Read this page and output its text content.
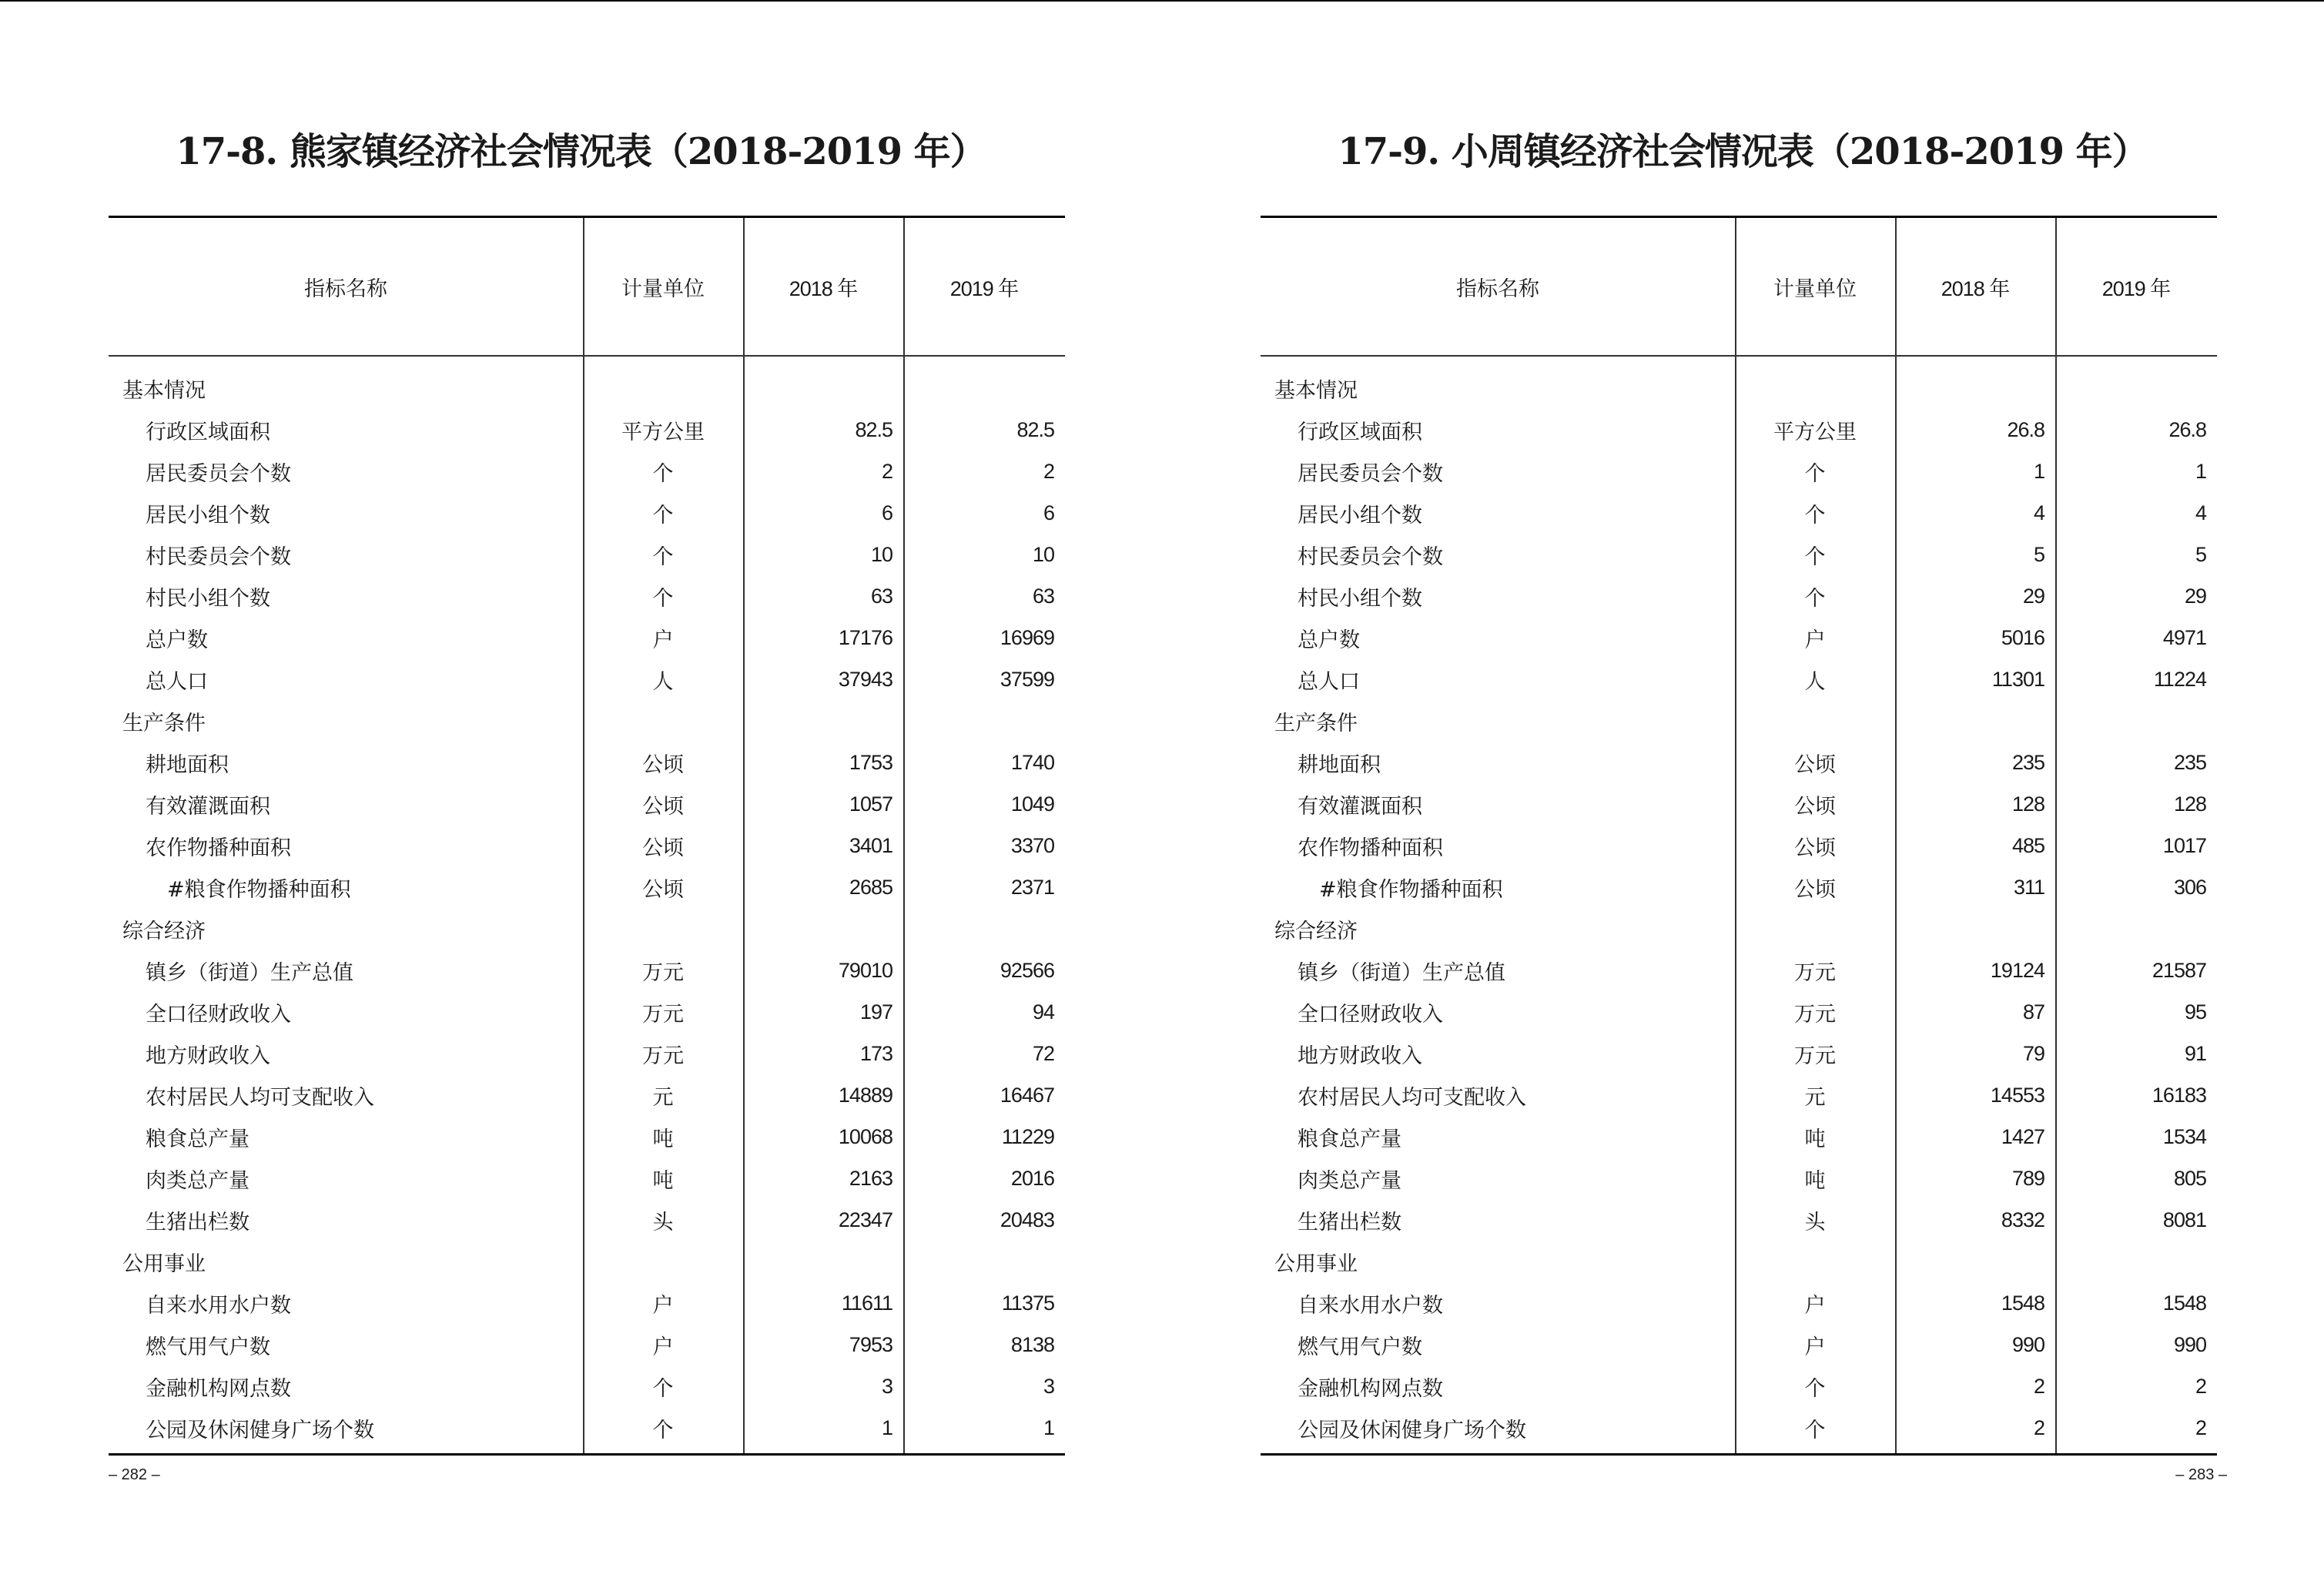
17-8. 熊家镇经济社会情况表（2018-2019 年）
指标名称	计量单位	2018 年	2019 年
基本情况
行政区域面积	平方公里	82.5	82.5
居民委员会个数	个	2	2
居民小组个数	个	6	6
村民委员会个数	个	10	10
村民小组个数	个	63	63
总户数	户	17176	16969
总人口	人	37943	37599
生产条件
耕地面积	公顷	1753	1740
有效灌溉面积	公顷	1057	1049
农作物播种面积	公顷	3401	3370
#粮食作物播种面积	公顷	2685	2371
综合经济
镇乡（街道）生产总值	万元	79010	92566
全口径财政收入	万元	197	94
地方财政收入	万元	173	72
农村居民人均可支配收入	元	14889	16467
粮食总产量	吨	10068	11229
肉类总产量	吨	2163	2016
生猪出栏数	头	22347	20483
公用事业
自来水用水户数	户	11611	11375
燃气用气户数	户	7953	8138
金融机构网点数	个	3	3
公园及休闲健身广场个数	个	1	1
– 282 –
17-9. 小周镇经济社会情况表（2018-2019 年）
指标名称	计量单位	2018 年	2019 年
基本情况
行政区域面积	平方公里	26.8	26.8
居民委员会个数	个	1	1
居民小组个数	个	4	4
村民委员会个数	个	5	5
村民小组个数	个	29	29
总户数	户	5016	4971
总人口	人	11301	11224
生产条件
耕地面积	公顷	235	235
有效灌溉面积	公顷	128	128
农作物播种面积	公顷	485	1017
#粮食作物播种面积	公顷	311	306
综合经济
镇乡（街道）生产总值	万元	19124	21587
全口径财政收入	万元	87	95
地方财政收入	万元	79	91
农村居民人均可支配收入	元	14553	16183
粮食总产量	吨	1427	1534
肉类总产量	吨	789	805
生猪出栏数	头	8332	8081
公用事业
自来水用水户数	户	1548	1548
燃气用气户数	户	990	990
金融机构网点数	个	2	2
公园及休闲健身广场个数	个	2	2
– 283 –
